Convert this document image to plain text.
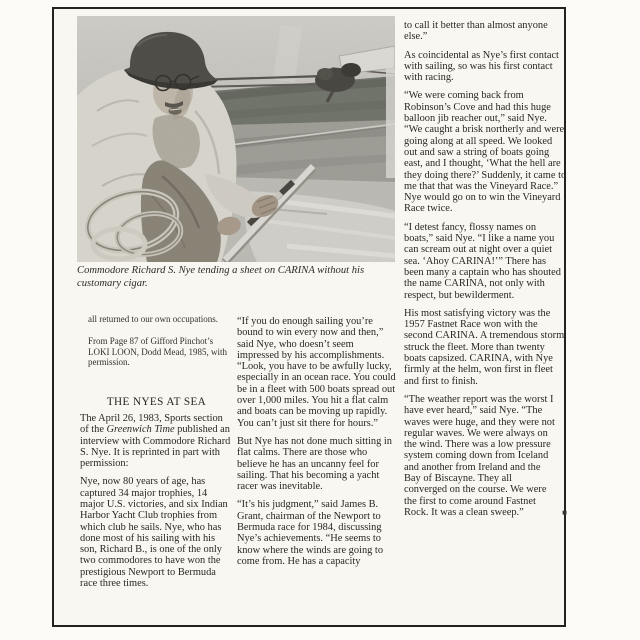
Commodore Richard S. Nye tending a sheet on CARINA without his customary cigar.

all returned to our own occupations.

From Page 87 of Gifford Pinchot’s LOKI LOON, Dodd Mead, 1985, with permission.

THE NYES AT SEA

The April 26, 1983, Sports section of the Greenwich Time published an interview with Commodore Richard S. Nye. It is reprinted in part with permission:

Nye, now 80 years of age, has captured 34 major trophies, 14 major U.S. victories, and six Indian Harbor Yacht Club trophies from which club he sails. Nye, who has done most of his sailing with his son, Richard B., is one of the only two commodores to have won the prestigious Newport to Bermuda race three times.

“If you do enough sailing you’re bound to win every now and then,” said Nye, who doesn’t seem impressed by his accomplishments. “Look, you have to be awfully lucky, especially in an ocean race. You could be in a fleet with 500 boats spread out over 1,000 miles. You hit a flat calm and boats can be moving up rapidly. You can’t just sit there for hours.”

But Nye has not done much sitting in flat calms. There are those who believe he has an uncanny feel for sailing. That his becoming a yacht racer was inevitable.

“It’s his judgment,” said James B. Grant, chairman of the Newport to Bermuda race for 1984, discussing Nye’s achievements. “He seems to know where the winds are going to come from. He has a capacity

to call it better than almost anyone else.”

As coincidental as Nye’s first contact with sailing, so was his first contact with racing.

“We were coming back from Robinson’s Cove and had this huge balloon jib reacher out,” said Nye. “We caught a brisk northerly and were going along at all speed. We looked out and saw a string of boats going east, and I thought, ‘What the hell are they doing there?’ Suddenly, it came to me that that was the Vineyard Race.” Nye would go on to win the Vineyard Race twice.

“I detest fancy, flossy names on boats,” said Nye. “I like a name you can scream out at night over a quiet sea. ‘Ahoy CARINA!’” There has been many a captain who has shouted the name CARINA, not only with respect, but bewilderment.

His most satisfying victory was the 1957 Fastnet Race won with the second CARINA. A tremendous storm struck the fleet. More than twenty boats capsized. CARINA, with Nye firmly at the helm, won first in fleet and first to finish.

“The weather report was the worst I have ever heard,” said Nye. “The waves were huge, and they were not regular waves. We were always on the wind. There was a low pressure system coming down from Iceland and another from Ireland and the Bay of Biscayne. They all converged on the course. We were the first to come around Fastnet Rock. It was a clean sweep.”	■
